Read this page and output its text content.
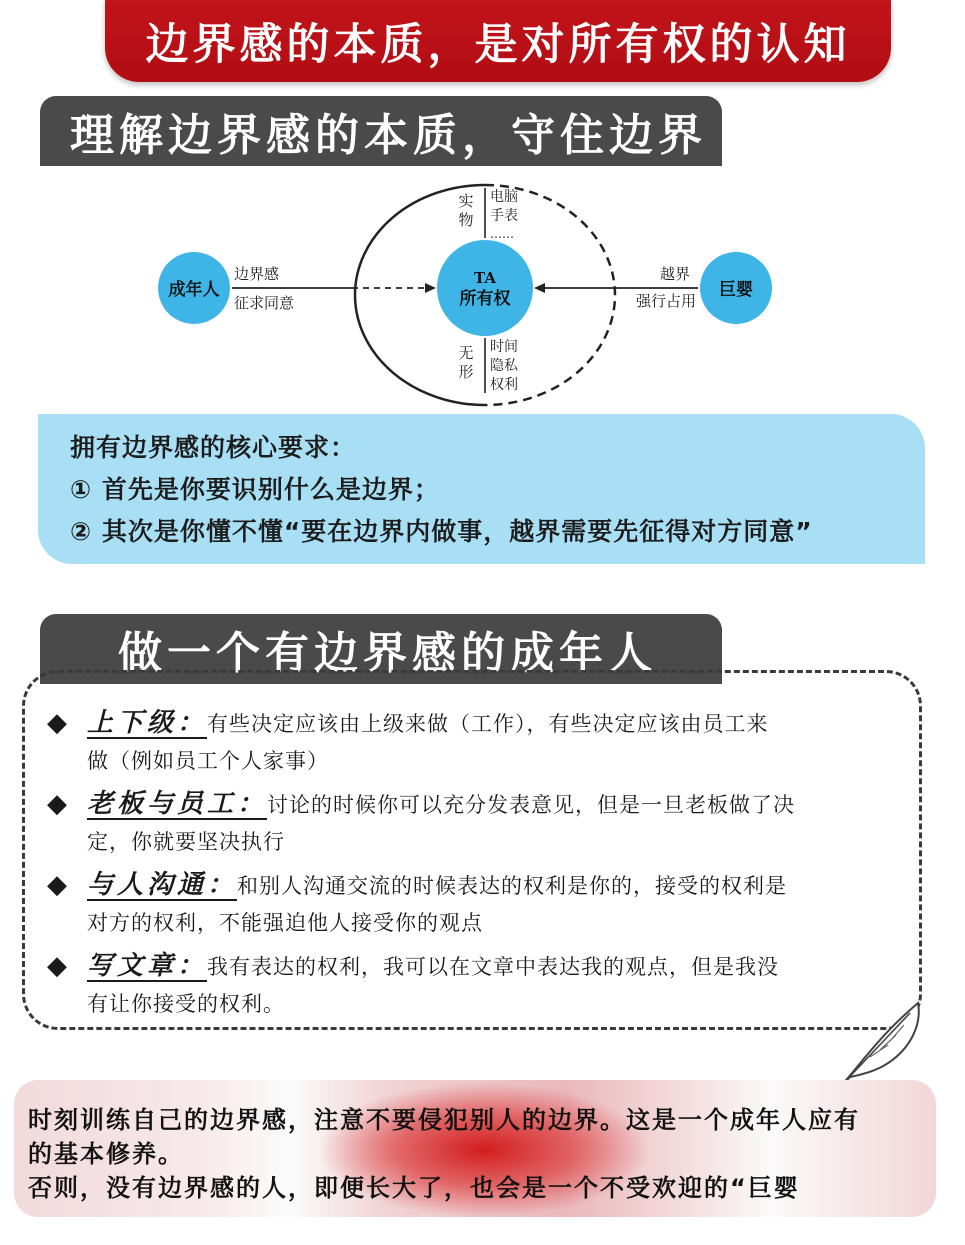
边界感的本质，是对所有权的认知
理解边界感的本质，守住边界
成年人
TA
所有权	巨婴
边界感
征求同意
越界
强行占用
实
物
电脑
手表
……
无
形
时间
隐私
权利
拥有边界感的核心要求：
① 首先是你要识别什么是边界；
② 其次是你懂不懂“要在边界内做事，越界需要先征得对方同意”
做一个有边界感的成年人
◆ 上下级：有些决定应该由上级来做（工作），有些决定应该由员工来
做（例如员工个人家事）
◆ 老板与员工：讨论的时候你可以充分发表意见，但是一旦老板做了决
定，你就要坚决执行
◆ 与人沟通：和别人沟通交流的时候表达的权利是你的，接受的权利是
对方的权利，不能强迫他人接受你的观点
◆ 写文章：我有表达的权利，我可以在文章中表达我的观点，但是我没
有让你接受的权利。
时刻训练自己的边界感，注意不要侵犯别人的边界。这是一个成年人应有
的基本修养。
否则，没有边界感的人，即便长大了，也会是一个不受欢迎的“巨婴
